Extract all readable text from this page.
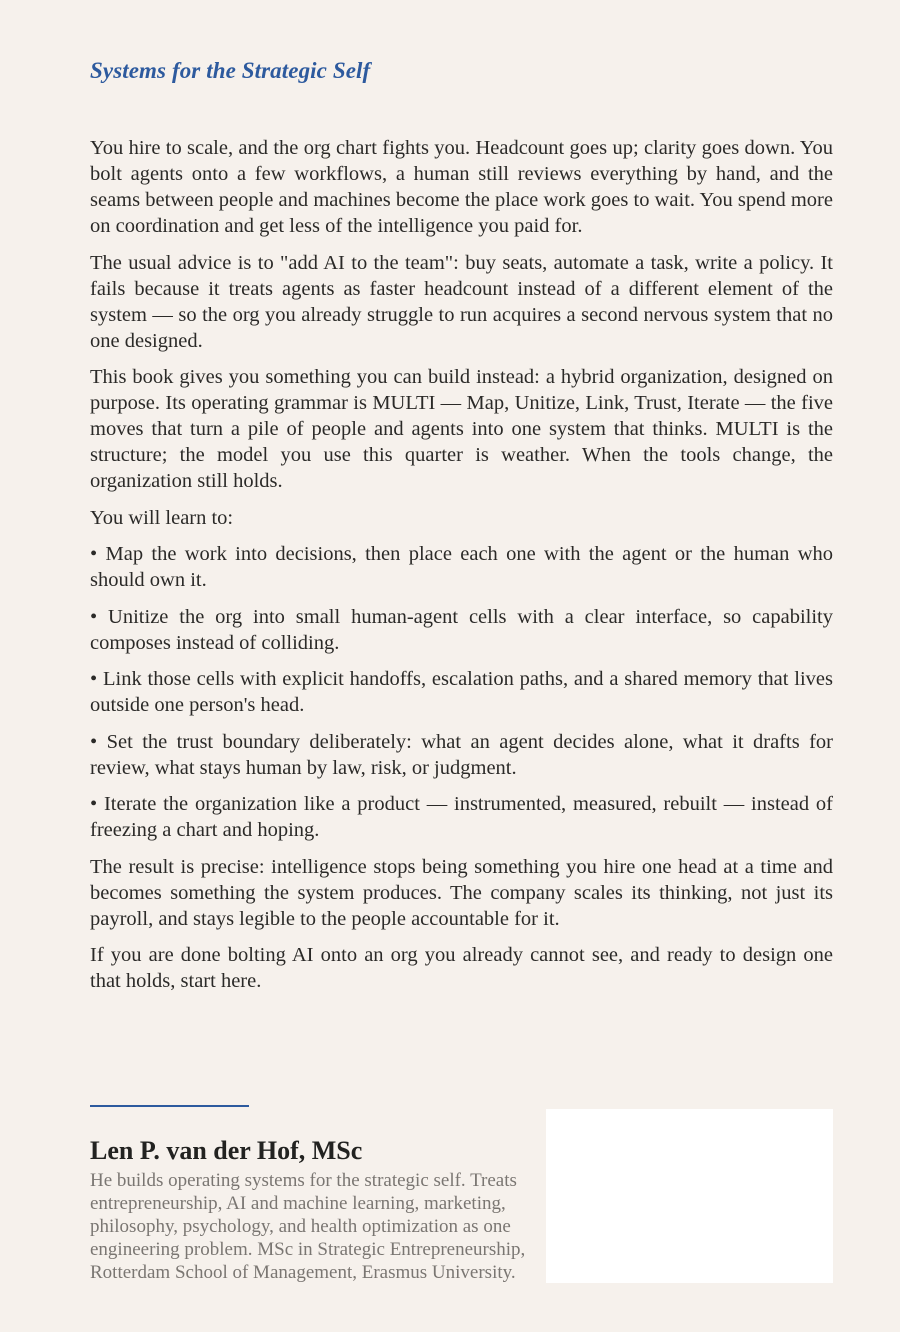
Systems for the Strategic Self

You hire to scale, and the org chart fights you. Headcount goes up; clarity goes down. You bolt agents onto a few workflows, a human still reviews everything by hand, and the seams between people and machines become the place work goes to wait. You spend more on coordination and get less of the intelligence you paid for.

The usual advice is to "add AI to the team": buy seats, automate a task, write a policy. It fails because it treats agents as faster headcount instead of a different element of the system — so the org you already struggle to run acquires a second nervous system that no one designed.

This book gives you something you can build instead: a hybrid organization, designed on purpose. Its operating grammar is MULTI — Map, Unitize, Link, Trust, Iterate — the five moves that turn a pile of people and agents into one system that thinks. MULTI is the structure; the model you use this quarter is weather. When the tools change, the organization still holds.

You will learn to:

• Map the work into decisions, then place each one with the agent or the human who should own it.

• Unitize the org into small human-agent cells with a clear interface, so capability composes instead of colliding.

• Link those cells with explicit handoffs, escalation paths, and a shared memory that lives outside one person's head.

• Set the trust boundary deliberately: what an agent decides alone, what it drafts for review, what stays human by law, risk, or judgment.

• Iterate the organization like a product — instrumented, measured, rebuilt — instead of freezing a chart and hoping.

The result is precise: intelligence stops being something you hire one head at a time and becomes something the system produces. The company scales its thinking, not just its payroll, and stays legible to the people accountable for it.

If you are done bolting AI onto an org you already cannot see, and ready to design one that holds, start here.

Len P. van der Hof, MSc

He builds operating systems for the strategic self. Treats entrepreneurship, AI and machine learning, marketing, philosophy, psychology, and health optimization as one engineering problem. MSc in Strategic Entrepreneurship, Rotterdam School of Management, Erasmus University.
